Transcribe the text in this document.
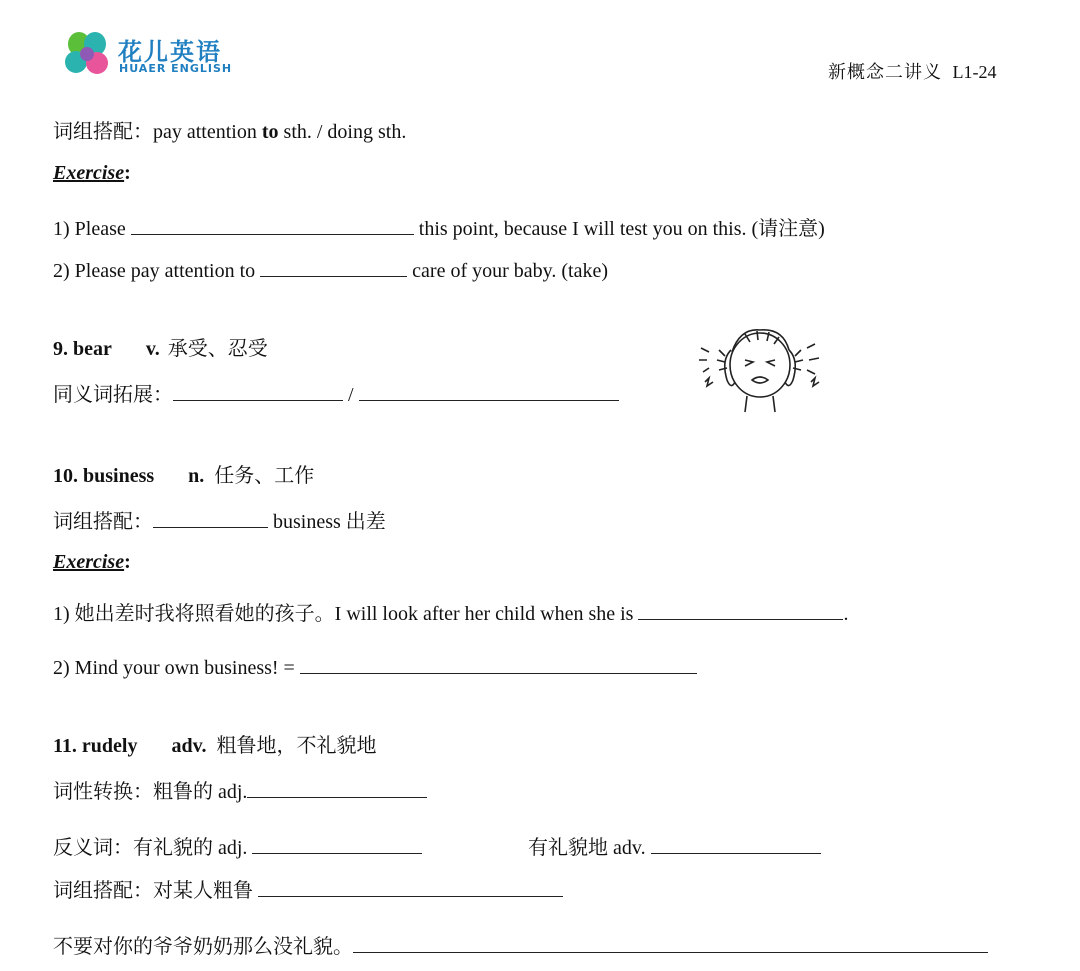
花儿英语
HUAER ENGLISH	新概念二讲义 L1-24
词组搭配：pay attention to sth. / doing sth.
Exercise:
1) Please	this point, because I will test you on this. (请注意)
2) Please pay attention to	care of your baby. (take)
9. bear v. 承受、忍受
同义词拓展：	/
10. business n. 任务、工作
词组搭配：	business 出差
Exercise:
1) 她出差时我将照看她的孩子。I will look after her child when she is	.
2) Mind your own business! =
11. rudely adv. 粗鲁地，不礼貌地
词性转换：粗鲁的 adj.
反义词：有礼貌的 adj.	有礼貌地 adv.
词组搭配：对某人粗鲁
不要对你的爷爷奶奶那么没礼貌。
